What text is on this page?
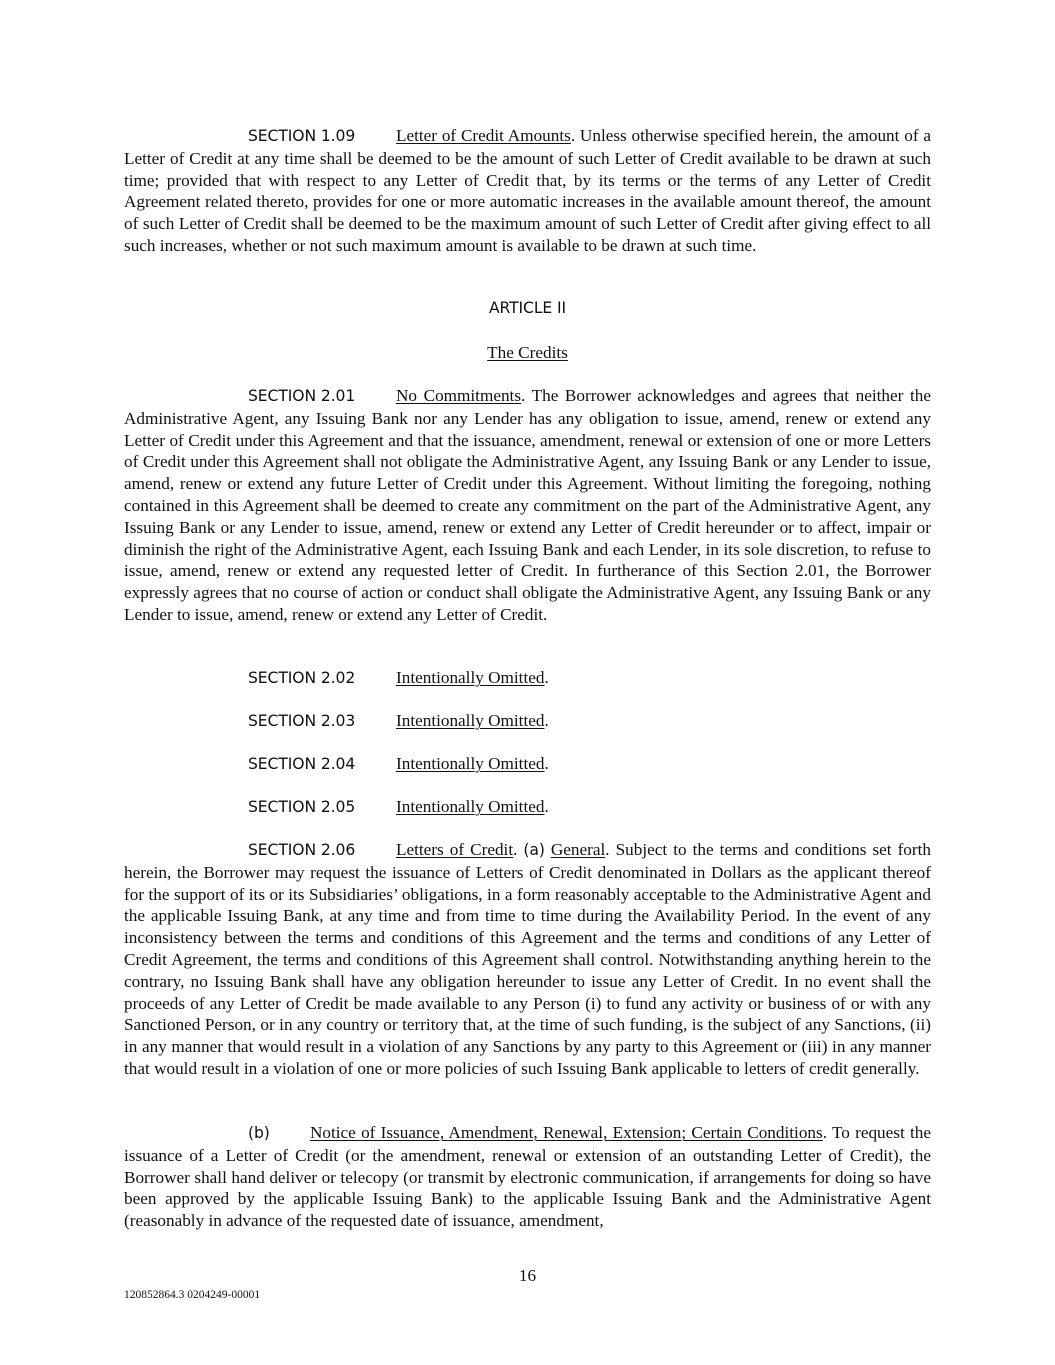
SECTION 1.09 Letter of Credit Amounts. Unless otherwise specified herein, the amount of a Letter of Credit at any time shall be deemed to be the amount of such Letter of Credit available to be drawn at such time; provided that with respect to any Letter of Credit that, by its terms or the terms of any Letter of Credit Agreement related thereto, provides for one or more automatic increases in the available amount thereof, the amount of such Letter of Credit shall be deemed to be the maximum amount of such Letter of Credit after giving effect to all such increases, whether or not such maximum amount is available to be drawn at such time.

ARTICLE II

The Credits

SECTION 2.01 No Commitments. The Borrower acknowledges and agrees that neither the Administrative Agent, any Issuing Bank nor any Lender has any obligation to issue, amend, renew or extend any Letter of Credit under this Agreement and that the issuance, amendment, renewal or extension of one or more Letters of Credit under this Agreement shall not obligate the Administrative Agent, any Issuing Bank or any Lender to issue, amend, renew or extend any future Letter of Credit under this Agreement. Without limiting the foregoing, nothing contained in this Agreement shall be deemed to create any commitment on the part of the Administrative Agent, any Issuing Bank or any Lender to issue, amend, renew or extend any Letter of Credit hereunder or to affect, impair or diminish the right of the Administrative Agent, each Issuing Bank and each Lender, in its sole discretion, to refuse to issue, amend, renew or extend any requested letter of Credit. In furtherance of this Section 2.01, the Borrower expressly agrees that no course of action or conduct shall obligate the Administrative Agent, any Issuing Bank or any Lender to issue, amend, renew or extend any Letter of Credit.

SECTION 2.02 Intentionally Omitted.

SECTION 2.03 Intentionally Omitted.

SECTION 2.04 Intentionally Omitted.

SECTION 2.05 Intentionally Omitted.

SECTION 2.06 Letters of Credit. (a) General. Subject to the terms and conditions set forth herein, the Borrower may request the issuance of Letters of Credit denominated in Dollars as the applicant thereof for the support of its or its Subsidiaries’ obligations, in a form reasonably acceptable to the Administrative Agent and the applicable Issuing Bank, at any time and from time to time during the Availability Period. In the event of any inconsistency between the terms and conditions of this Agreement and the terms and conditions of any Letter of Credit Agreement, the terms and conditions of this Agreement shall control. Notwithstanding anything herein to the contrary, no Issuing Bank shall have any obligation hereunder to issue any Letter of Credit. In no event shall the proceeds of any Letter of Credit be made available to any Person (i) to fund any activity or business of or with any Sanctioned Person, or in any country or territory that, at the time of such funding, is the subject of any Sanctions, (ii) in any manner that would result in a violation of any Sanctions by any party to this Agreement or (iii) in any manner that would result in a violation of one or more policies of such Issuing Bank applicable to letters of credit generally.

(b) Notice of Issuance, Amendment, Renewal, Extension; Certain Conditions. To request the issuance of a Letter of Credit (or the amendment, renewal or extension of an outstanding Letter of Credit), the Borrower shall hand deliver or telecopy (or transmit by electronic communication, if arrangements for doing so have been approved by the applicable Issuing Bank) to the applicable Issuing Bank and the Administrative Agent (reasonably in advance of the requested date of issuance, amendment,

16
120852864.3 0204249-00001
